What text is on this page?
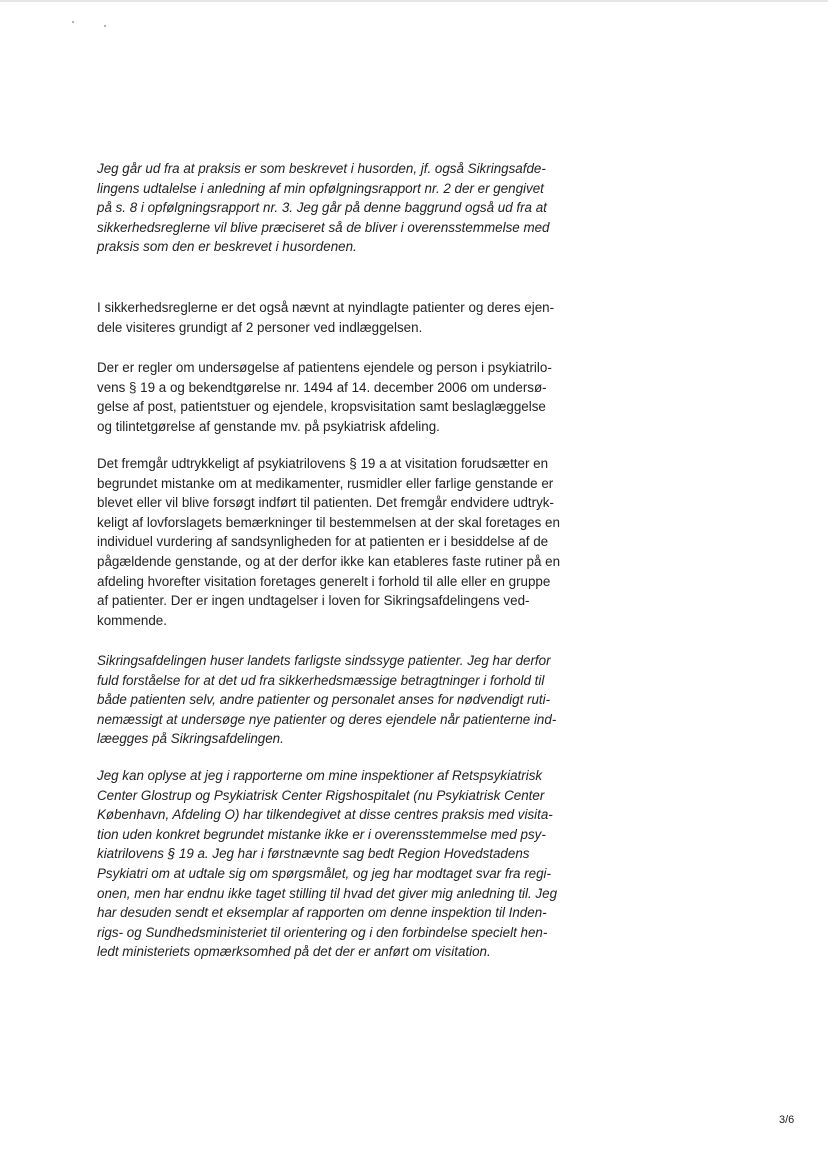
Jeg går ud fra at praksis er som beskrevet i husorden, jf. også Sikringsafde-
lingens udtalelse i anledning af min opfølgningsrapport nr. 2 der er gengivet
på s. 8 i opfølgningsrapport nr. 3. Jeg går på denne baggrund også ud fra at
sikkerhedsreglerne vil blive præciseret så de bliver i overensstemmelse med
praksis som den er beskrevet i husordenen.
I sikkerhedsreglerne er det også nævnt at nyindlagte patienter og deres ejen-
dele visiteres grundigt af 2 personer ved indlæggelsen.
Der er regler om undersøgelse af patientens ejendele og person i psykiatrilo-
vens § 19 a og bekendtgørelse nr. 1494 af 14. december 2006 om undersø-
gelse af post, patientstuer og ejendele, kropsvisitation samt beslaglæggelse
og tilintetgørelse af genstande mv. på psykiatrisk afdeling.
Det fremgår udtrykkeligt af psykiatrilovens § 19 a at visitation forudsætter en
begrundet mistanke om at medikamenter, rusmidler eller farlige genstande er
blevet eller vil blive forsøgt indført til patienten. Det fremgår endvidere udtryk-
keligt af lovforslagets bemærkninger til bestemmelsen at der skal foretages en
individuel vurdering af sandsynligheden for at patienten er i besiddelse af de
pågældende genstande, og at der derfor ikke kan etableres faste rutiner på en
afdeling hvorefter visitation foretages generelt i forhold til alle eller en gruppe
af patienter. Der er ingen undtagelser i loven for Sikringsafdelingens ved-
kommende.
Sikringsafdelingen huser landets farligste sindssyge patienter. Jeg har derfor
fuld forståelse for at det ud fra sikkerhedsmæssige betragtninger i forhold til
både patienten selv, andre patienter og personalet anses for nødvendigt ruti-
nemæssigt at undersøge nye patienter og deres ejendele når patienterne ind-
læegges på Sikringsafdelingen.
Jeg kan oplyse at jeg i rapporterne om mine inspektioner af Retspsykiatrisk
Center Glostrup og Psykiatrisk Center Rigshospitalet (nu Psykiatrisk Center
København, Afdeling O) har tilkendegivet at disse centres praksis med visita-
tion uden konkret begrundet mistanke ikke er i overensstemmelse med psy-
kiatrilovens § 19 a. Jeg har i førstnævnte sag bedt Region Hovedstadens
Psykiatri om at udtale sig om spørgsmålet, og jeg har modtaget svar fra regi-
onen, men har endnu ikke taget stilling til hvad det giver mig anledning til. Jeg
har desuden sendt et eksemplar af rapporten om denne inspektion til Inden-
rigs- og Sundhedsministeriet til orientering og i den forbindelse specielt hen-
ledt ministeriets opmærksomhed på det der er anført om visitation.
3/6
